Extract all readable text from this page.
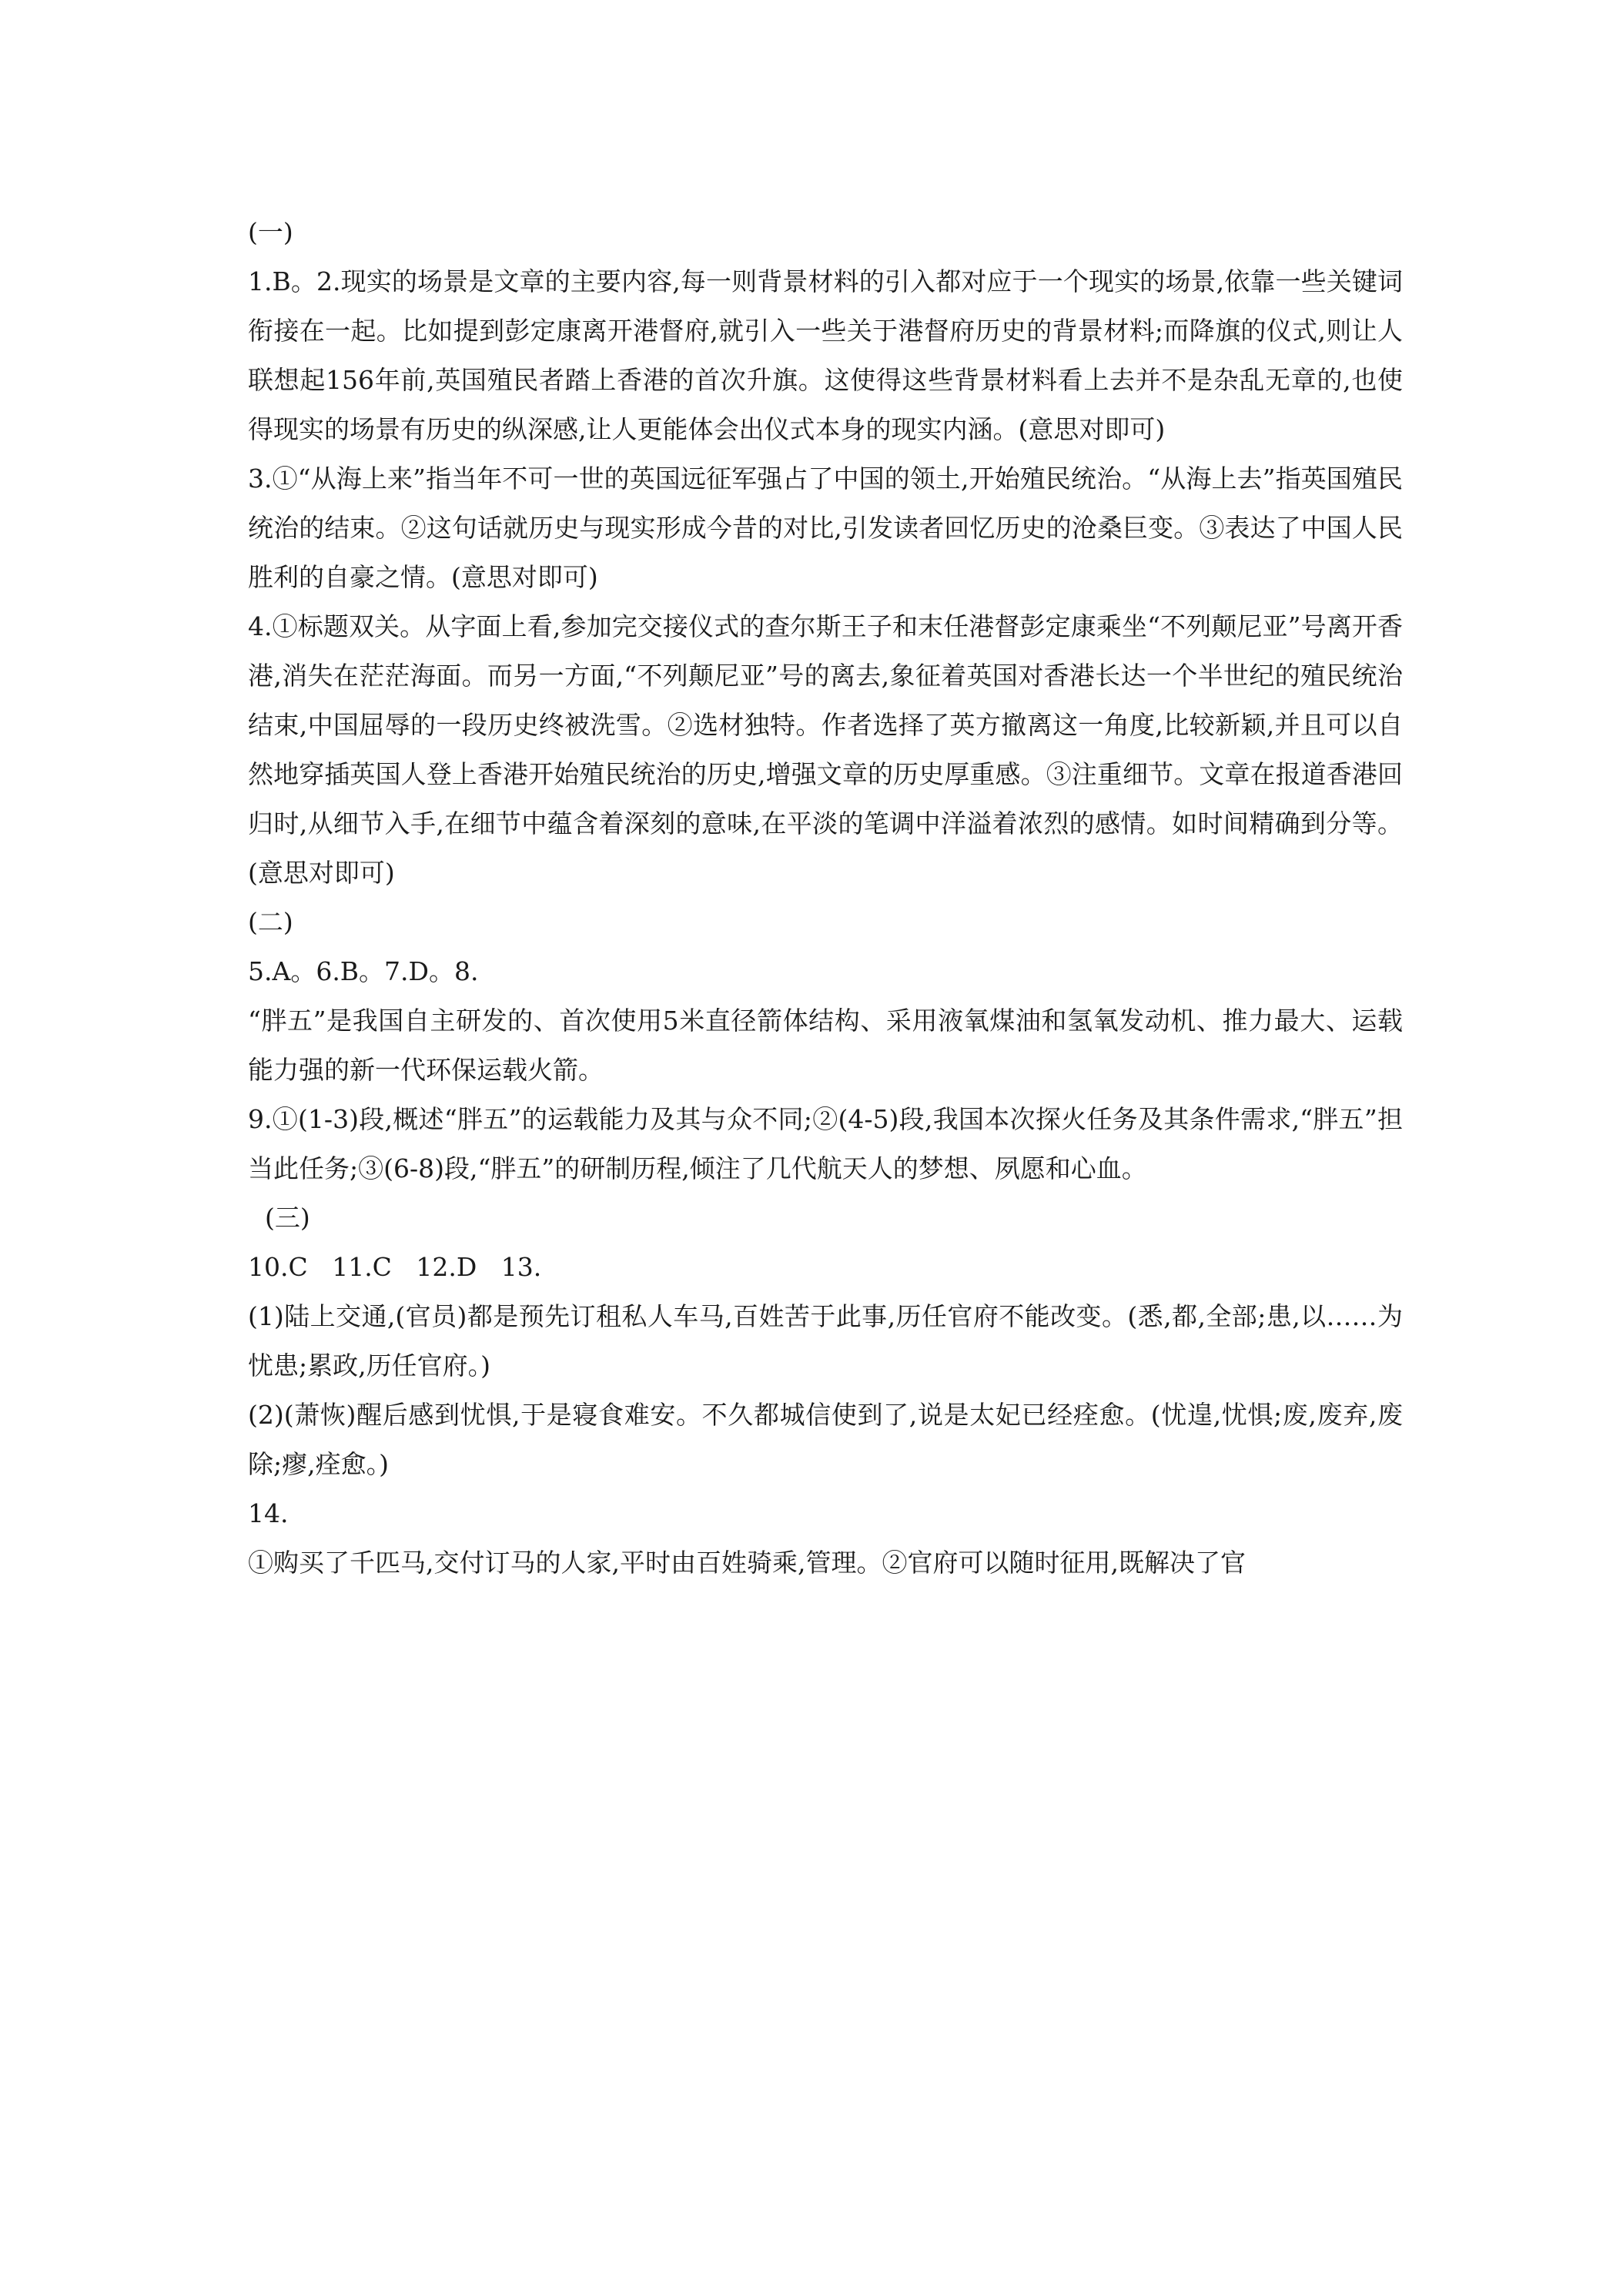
(一)

1.B。2.现实的场景是文章的主要内容,每一则背景材料的引入都对应于一个现实的场景,依靠一些关键词衔接在一起。比如提到彭定康离开港督府,就引入一些关于港督府历史的背景材料;而降旗的仪式,则让人联想起156年前,英国殖民者踏上香港的首次升旗。这使得这些背景材料看上去并不是杂乱无章的,也使得现实的场景有历史的纵深感,让人更能体会出仪式本身的现实内涵。(意思对即可)

3.①“从海上来”指当年不可一世的英国远征军强占了中国的领土,开始殖民统治。“从海上去”指英国殖民统治的结束。②这句话就历史与现实形成今昔的对比,引发读者回忆历史的沧桑巨变。③表达了中国人民胜利的自豪之情。(意思对即可)

4.①标题双关。从字面上看,参加完交接仪式的查尔斯王子和末任港督彭定康乘坐“不列颠尼亚”号离开香港,消失在茫茫海面。而另一方面,“不列颠尼亚”号的离去,象征着英国对香港长达一个半世纪的殖民统治结束,中国屈辱的一段历史终被洗雪。②选材独特。作者选择了英方撤离这一角度,比较新颖,并且可以自然地穿插英国人登上香港开始殖民统治的历史,增强文章的历史厚重感。③注重细节。文章在报道香港回归时,从细节入手,在细节中蕴含着深刻的意味,在平淡的笔调中洋溢着浓烈的感情。如时间精确到分等。(意思对即可)

(二)

5.A。6.B。7.D。8.

“胖五”是我国自主研发的、首次使用5米直径箭体结构、采用液氧煤油和氢氧发动机、推力最大、运载能力强的新一代环保运载火箭。

9.①(1-3)段,概述“胖五”的运载能力及其与众不同;②(4-5)段,我国本次探火任务及其条件需求,“胖五”担当此任务;③(6-8)段,“胖五”的研制历程,倾注了几代航天人的梦想、夙愿和心血。

(三)

10.C   11.C   12.D   13.

(1)陆上交通,(官员)都是预先订租私人车马,百姓苦于此事,历任官府不能改变。(悉,都,全部;患,以……为忧患;累政,历任官府。)

(2)(萧恢)醒后感到忧惧,于是寝食难安。不久都城信使到了,说是太妃已经痊愈。(忧遑,忧惧;废,废弃,废除;瘳,痊愈。)

14.

①购买了千匹马,交付订马的人家,平时由百姓骑乘,管理。②官府可以随时征用,既解决了官
